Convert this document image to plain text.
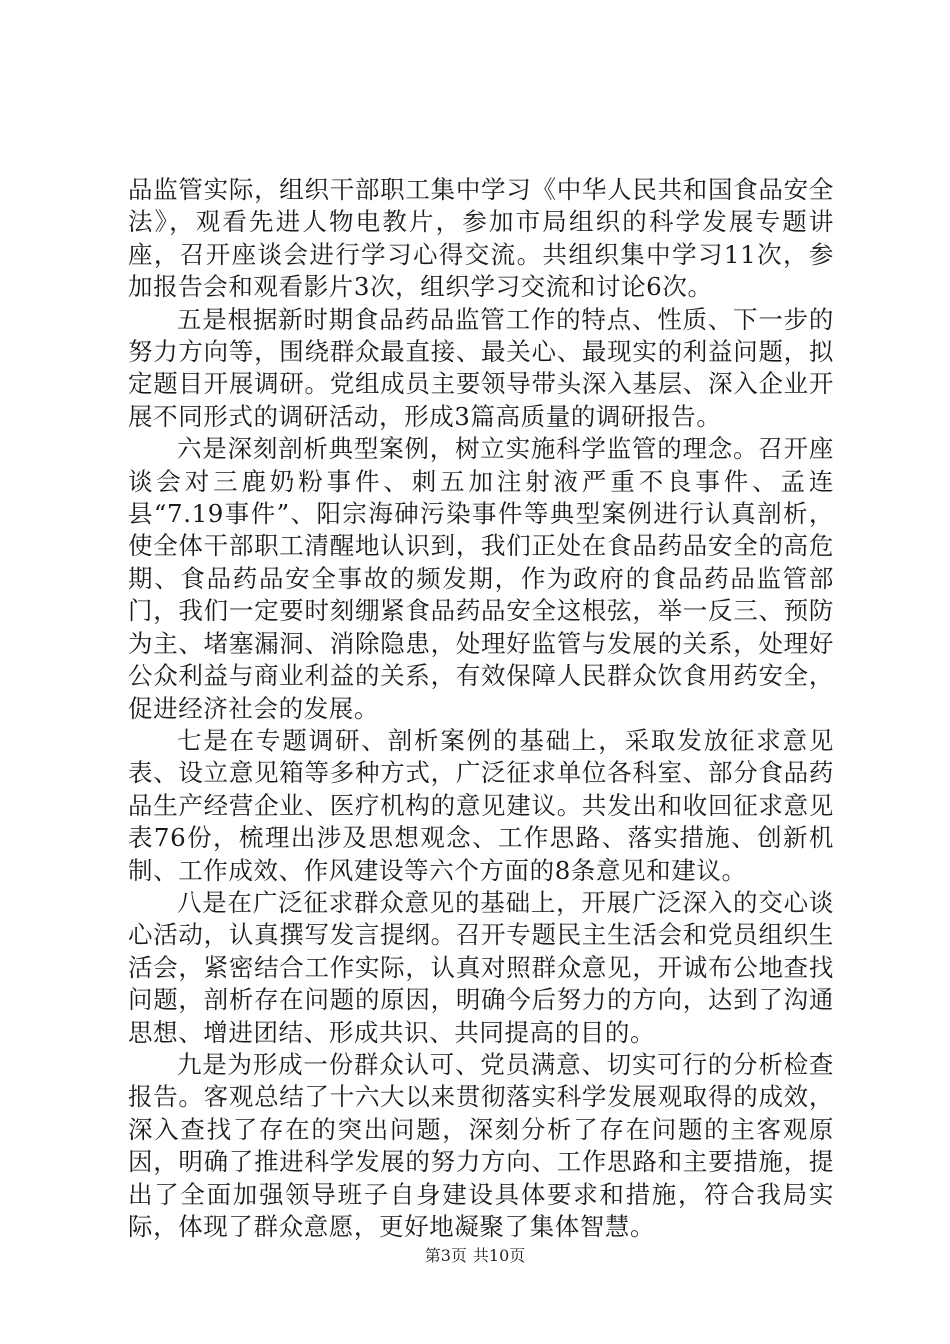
品监管实际，组织干部职工集中学习《中华人民共和国食品安全法》，观看先进人物电教片，参加市局组织的科学发展专题讲座，召开座谈会进行学习心得交流。共组织集中学习11次，参加报告会和观看影片3次，组织学习交流和讨论6次。

五是根据新时期食品药品监管工作的特点、性质、下一步的努力方向等，围绕群众最直接、最关心、最现实的利益问题，拟定题目开展调研。党组成员主要领导带头深入基层、深入企业开展不同形式的调研活动，形成3篇高质量的调研报告。

六是深刻剖析典型案例，树立实施科学监管的理念。召开座谈会对三鹿奶粉事件、刺五加注射液严重不良事件、孟连县“7.19事件”、阳宗海砷污染事件等典型案例进行认真剖析，使全体干部职工清醒地认识到，我们正处在食品药品安全的高危期、食品药品安全事故的频发期，作为政府的食品药品监管部门，我们一定要时刻绷紧食品药品安全这根弦，举一反三、预防为主、堵塞漏洞、消除隐患，处理好监管与发展的关系，处理好公众利益与商业利益的关系，有效保障人民群众饮食用药安全，促进经济社会的发展。

七是在专题调研、剖析案例的基础上，采取发放征求意见表、设立意见箱等多种方式，广泛征求单位各科室、部分食品药品生产经营企业、医疗机构的意见建议。共发出和收回征求意见表76份，梳理出涉及思想观念、工作思路、落实措施、创新机制、工作成效、作风建设等六个方面的8条意见和建议。

八是在广泛征求群众意见的基础上，开展广泛深入的交心谈心活动，认真撰写发言提纲。召开专题民主生活会和党员组织生活会，紧密结合工作实际，认真对照群众意见，开诚布公地查找问题，剖析存在问题的原因，明确今后努力的方向，达到了沟通思想、增进团结、形成共识、共同提高的目的。

九是为形成一份群众认可、党员满意、切实可行的分析检查报告。客观总结了十六大以来贯彻落实科学发展观取得的成效，深入查找了存在的突出问题，深刻分析了存在问题的主客观原因，明确了推进科学发展的努力方向、工作思路和主要措施，提出了全面加强领导班子自身建设具体要求和措施，符合我局实际，体现了群众意愿，更好地凝聚了集体智慧。

第3页 共10页
